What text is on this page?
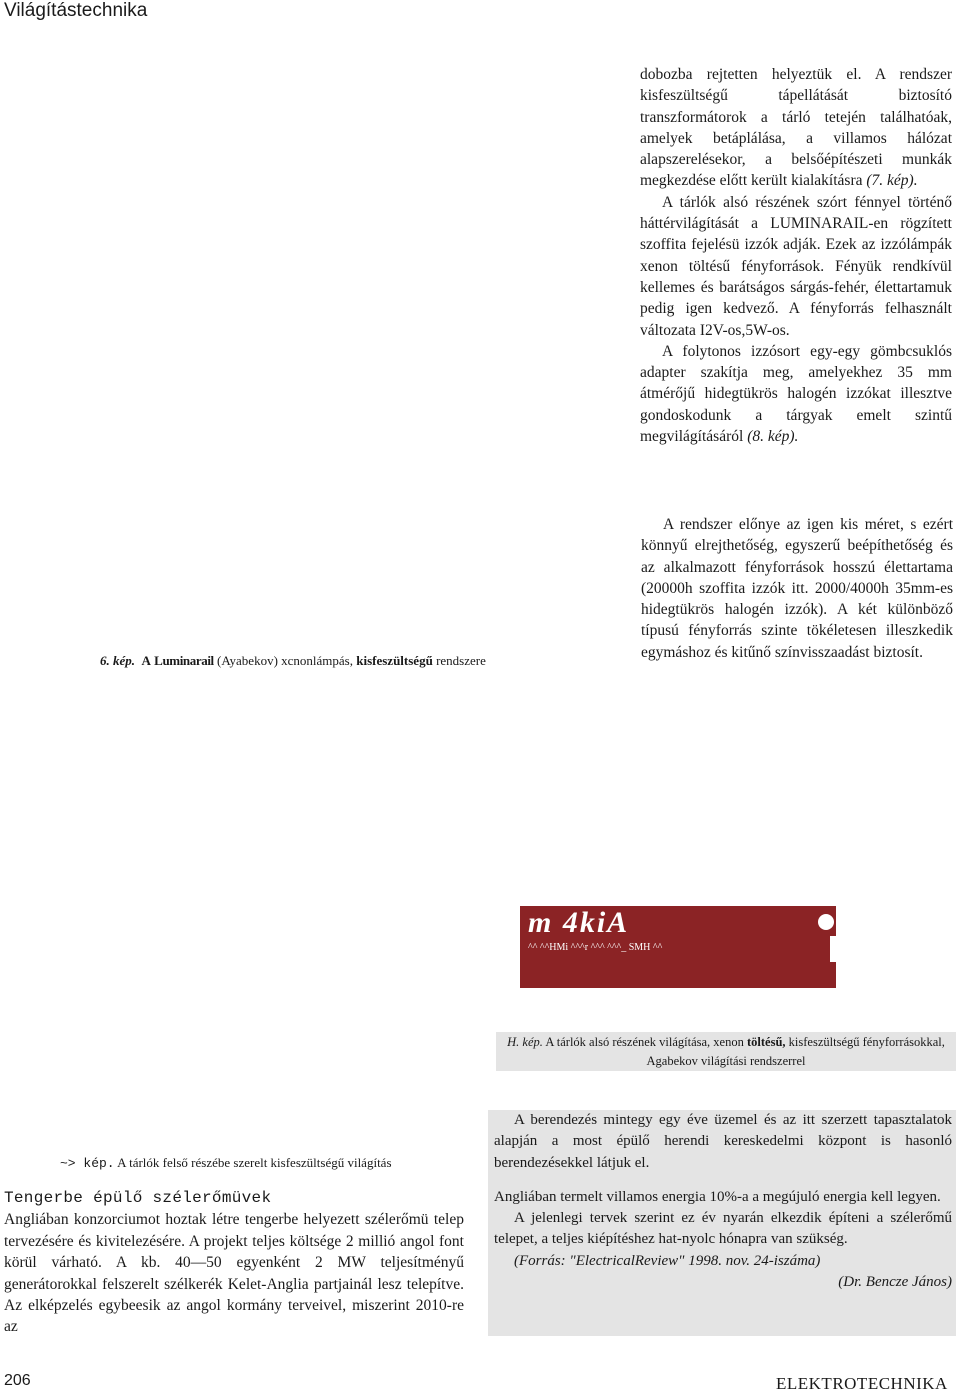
Világítástechnika

dobozba rejtetten helyeztük el. A rendszer kisfeszültségű tápellátását biztosító transzformátorok a tárló tetején találhatóak, amelyek betáplálása, a villamos hálózat alapszerelésekor, a belsőépítészeti munkák megkezdése előtt került kialakításra (7. kép).

A tárlók alsó részének szórt fénnyel történő háttérvilágítását a LUMINARAIL-en rögzített szoffita fejelésü izzók adják. Ezek az izzólámpák xenon töltésű fényforrások. Fényük rendkívül kellemes és barátságos sárgás-fehér, élettartamuk pedig igen kedvező. A fényforrás felhasznált változata I2V-os,5W-os.

A folytonos izzósort egy-egy gömbcsuklós adapter szakítja meg, amelyekhez 35 mm átmérőjű hidegtükrös halogén izzókat illesztve gondoskodunk a tárgyak emelt szintű megvilágításáról (8. kép).

A rendszer előnye az igen kis méret, s ezért könnyű elrejthetőség, egyszerű beépíthetőség és az alkalmazott fényforrások hosszú élettartama (20000h szoffita izzók itt. 2000/4000h 35mm-es hidegtükrös halogén izzók). A két különböző típusú fényforrás szinte tökéletesen illeszkedik egymáshoz és kitűnő színvisszaadást biztosít.

6. kép. A Luminarail (Ayabekov) xcnonlámpás, kisfeszültségű rendszere
m 4kiA
^^ ^^HMi ^^^r ^^^ ^^^_ SMH ^^
H. kép. A tárlók alsó részének világítása, xenon töltésű, kisfeszültségű fényforrásokkal, Agabekov világítási rendszerrel

A berendezés mintegy egy éve üzemel és az itt szerzett tapasztalatok alapján a most épülő herendi kereskedelmi központ is hasonló berendezésekkel látjuk el.

Angliában termelt villamos energia 10%-a a megújuló energia kell legyen.

A jelenlegi tervek szerint ez év nyarán elkezdik építeni a szélerőmű telepet, a teljes kiépítéshez hat-nyolc hónapra van szükség.

(Forrás: "ElectricalReview" 1998. nov. 24-iszáma)

(Dr. Bencze János)

~> kép. A tárlók felső részébe szerelt kisfeszültségű világítás
Tengerbe épülő szélerőmüvek

Angliában konzorciumot hoztak létre tengerbe helyezett szélerőmü telep tervezésére és kivitelezésére. A projekt teljes költsége 2 millió angol font körül várható. A kb. 40—50 egyenként 2 MW teljesítményű generátorokkal felszerelt szélkerék Kelet-Anglia partjainál lesz telepítve. Az elképzelés egybeesik az angol kormány terveivel, miszerint 2010-re az

206	ELEKTROTECHNIKA
